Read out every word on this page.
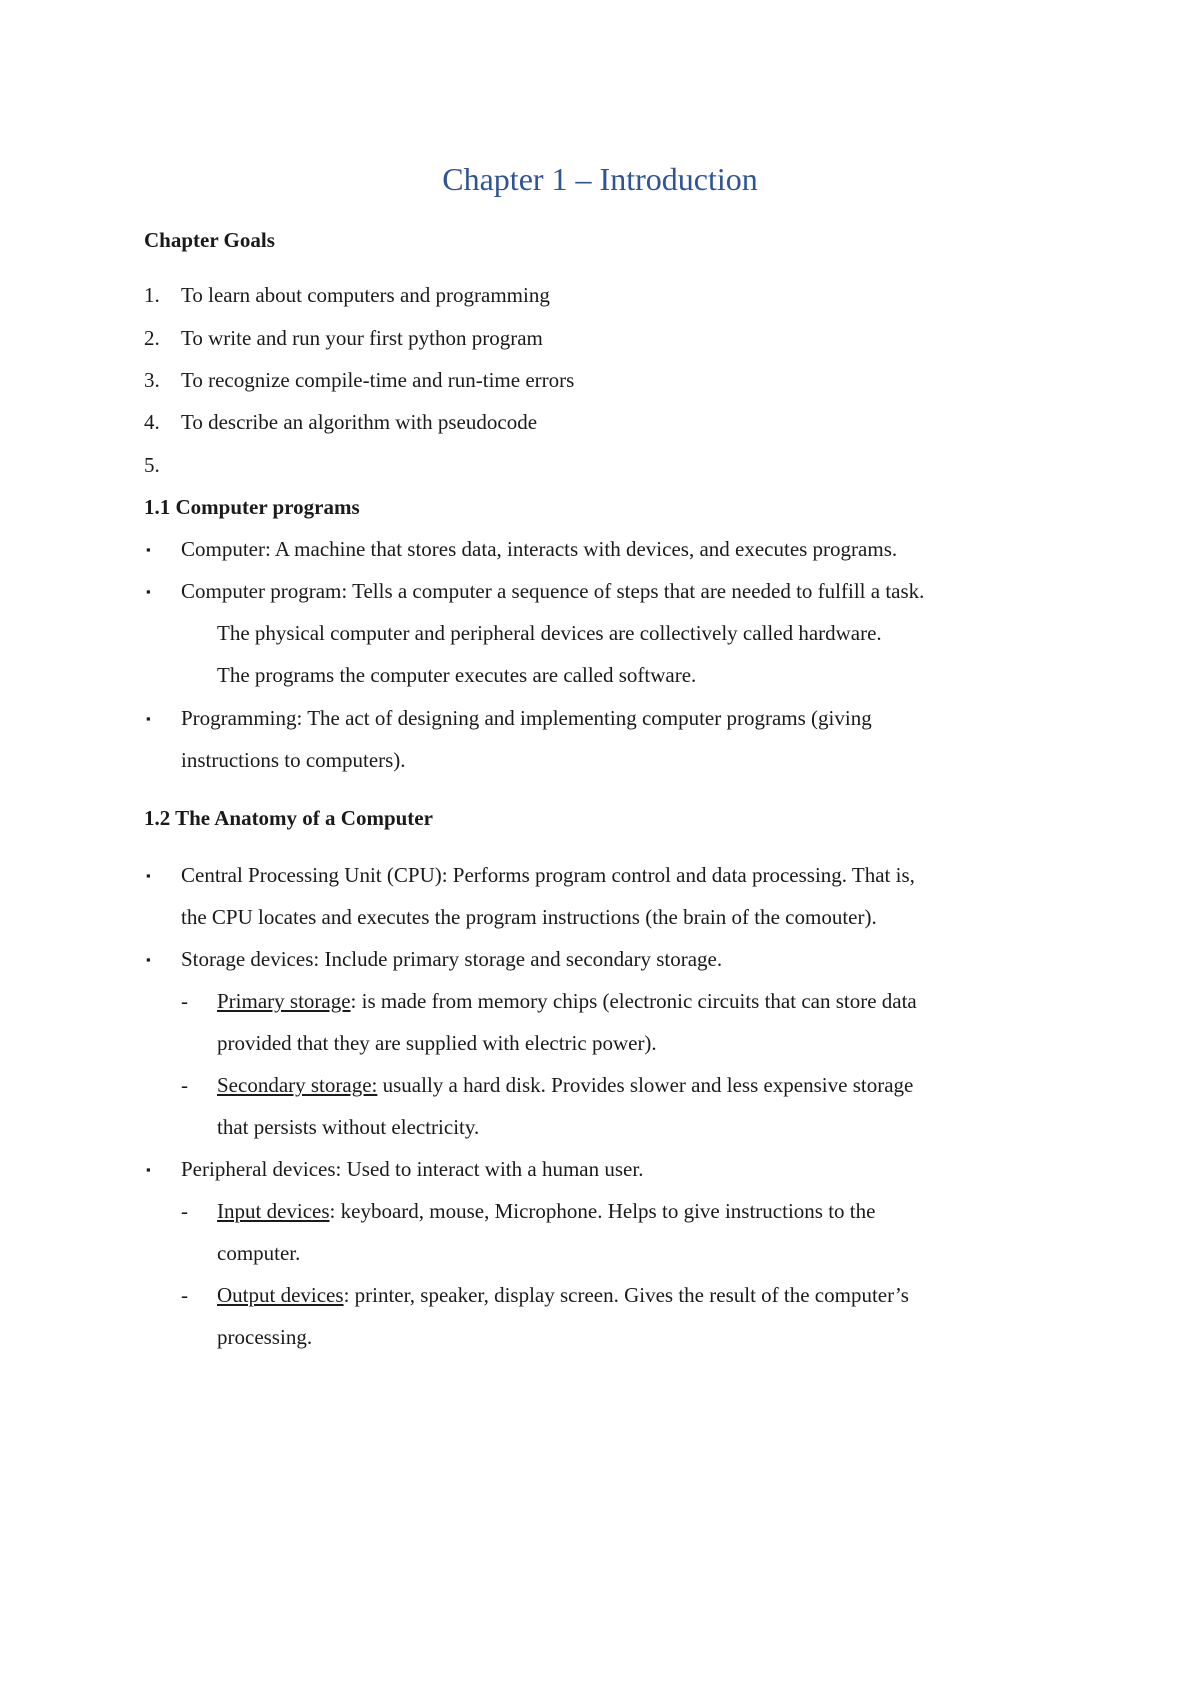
Chapter 1 – Introduction
Chapter Goals
1. To learn about computers and programming
2. To write and run your first python program
3. To recognize compile-time and run-time errors
4. To describe an algorithm with pseudocode
5.
1.1 Computer programs
▪ Computer: A machine that stores data, interacts with devices, and executes programs.
▪ Computer program: Tells a computer a sequence of steps that are needed to fulfill a task.
The physical computer and peripheral devices are collectively called hardware.
The programs the computer executes are called software.
▪ Programming: The act of designing and implementing computer programs (giving
instructions to computers).
1.2 The Anatomy of a Computer
▪ Central Processing Unit (CPU): Performs program control and data processing. That is,
the CPU locates and executes the program instructions (the brain of the comouter).
▪ Storage devices: Include primary storage and secondary storage.
- Primary storage: is made from memory chips (electronic circuits that can store data
provided that they are supplied with electric power).
- Secondary storage: usually a hard disk. Provides slower and less expensive storage
that persists without electricity.
▪ Peripheral devices: Used to interact with a human user.
- Input devices: keyboard, mouse, Microphone. Helps to give instructions to the
computer.
- Output devices: printer, speaker, display screen. Gives the result of the computer’s
processing.
